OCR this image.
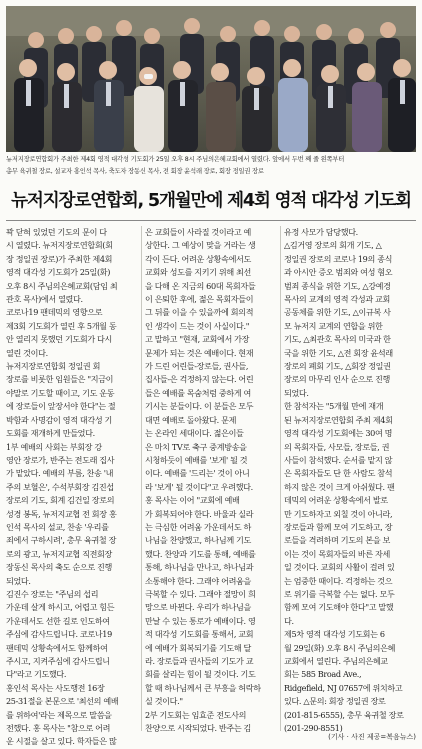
뉴저지장로연합회가 주최한 제4회 영적 대각성 기도회가 25일 오후 8시 주님의은혜교회에서 열렸다. 앞에서 두번 째 줄 왼쪽부터
총무 육귀철 장로, 설교자 홍인석 목사, 축도자 장동신 목사, 전 회장 윤석래 장로, 회장 정일권 장로
뉴저지장로연합회, 5개월만에 제4회 영적 대각성 기도회
꽉 닫혀 있었던 기도의 문이 다
시 열렸다. 뉴저지장로연합회(회
장 정일권 장로)가 주최한 제4회
영적 대각성 기도회가 25일(화)
오후 8시 주님의은혜교회(담임 최
관호 목사)에서 열렸다.
코로나19 팬데믹의 영향으로
제3회 기도회가 열린 후 5개월 동
안 열리지 못했던 기도회가 다시
열린 것이다.
뉴저지장로연합회 정일권 회
장로를 비롯한 임원들은 "지금이
야말로 기도할 때이고, 기도 운동
에 장로들이 앞장서야 한다"는 절
박함과 사명감이 영적 대각성 기
도회를 재개하게 만들었다.
1부 예배의 사회는 부회장 강
영안 장로가, 반주는 전도래 집사
가 맡았다. 예배의 부름, 찬송 '내
주의 보혈은', 수석부회장 김진섭
장로의 기도, 회계 김건일 장로의
성경 봉독, 뉴저지교협 전 회장 홍
인석 목사의 설교, 찬송 '우리를
죄에서 구하시려', 총무 육귀철 장
로의 광고, 뉴저지교협 직전회장
장동신 목사의 축도 순으로 진행
되었다.
김진수 장로는 "주님의 섭리
가운데 살게 하시고, 어렵고 힘든
가운데서도 선한 길로 인도하여
주심에 감사드립니다. 코로나19
팬데믹 상황속에서도 함께하여
주시고, 지켜주심에 감사드립니
다"라고 기도했다.
홍인석 목사는 사도행전 16장
25-31절을 본문으로 '최선의 예배
를 위하여'라는 제목으로 말씀을
전했다. 홍 목사는 "참으로 어려
운 시절을 살고 있다. 학자들은 많
은 교회들이 사라질 것이라고 예
상한다. 그 예상이 맞을 거라는 생
각이 든다. 어려운 상황속에서도
교회와 성도를 지키기 위해 최선
을 다해 온 지금의 60대 목회자들
이 은퇴한 후에, 젊은 목회자들이
그 뒤를 이을 수 있을까에 회의적
인 생각이 드는 것이 사실이다."
고 말하고 "현재, 교회에서 가장
문제가 되는 것은 예배이다. 현재
가 드린 어린들-장로들, 권사들,
집사들-은 걱정하지 않는다. 어린
들은 예배를 목숨처럼 중하게 여
기시는 분들이다. 이 분들은 모두
대면 예배로 돌아왔다. 문제
는 온라인 세대이다. 젊은이들
은 마치 TV로 축구 중계방송을
시청하듯이 예배를 '보게' 될 것
이다. 예배를 '드리는' 것이 아니
라 '보게' 될 것이다"고 우려했다.
홍 목사는 이어 "교회에 예배
가 회복되어야 한다. 바울과 실라
는 극심한 어려움 가운데서도 하
나님을 찬양했고, 하나님께 기도
했다. 찬양과 기도를 통해, 예배를
통해, 하나님을 만나고, 하나님과
소통해야 한다. 그래야 어려움을
극복할 수 있다. 그래야 절망이 희
망으로 바뀐다. 우리가 하나님을
만날 수 있는 통로가 예배이다. 영
적 대각성 기도회를 통해서, 교회
에 예배가 회복되기를 기도해 달
라. 장로들과 권사들의 기도가 교
회를 살리는 힘이 될 것이다. 기도
할 때 하나님께서 큰 부흥을 허락하
실 것이다."
2부 기도회는 임효준 전도사의
찬양으로 시작되었다. 반주는 김
유정 사모가 담당했다.
△김거영 장로의 회개 기도, △
정일권 장로의 코로나 19의 종식
과 아시안 증오 범죄와 여성 혐오
범죄 종식을 위한 기도, △강예경
목사의 교계의 영적 각성과 교회
공동체를 위한 기도, △이규복 사
모 뉴저지 교계의 연합을 위한
기도, △최관호 목사의 미국과 한
국을 위한 기도, △전 회장 윤석래
장로의 폐회 기도, △회장 정일권
장로의 마무리 인사 순으로 진행
되었다.
한 참석자는 "5개월 만에 재개
된 뉴저지장로연합회 주최 제4회
영적 대각성 기도회에는 30여 명
의 목회자들, 사모들, 장로들, 권
사들이 참석했다. 순서를 맡지 않
은 목회자들도 단 한 사람도 참석
하지 않은 것이 크게 아쉬웠다. 팬
데믹의 어려운 상황속에서 발로
만 기도하자고 외칠 것이 아니라,
장로들과 함께 모여 기도하고, 장
로들을 격려하며 기도의 본을 보
이는 것이 목회자들의 바른 자세
일 것이다. 교회의 사활이 걸려 있
는 엄중한 때이다. 걱정하는 것으
로 위기를 극복할 수는 없다. 모두
함께 모여 기도해야 한다"고 말했
다.
제5차 영적 대각성 기도회는 6
월 29일(화) 오후 8시 주님의은혜
교회에서 열린다. 주님의은혜교
회는 585 Broad Ave.,
Ridgefield, NJ 07657에 위치하고
있다. △문의: 회장 정일권 장로
(201-815-6555), 총무 육귀철 장로
(201-290-8551)
(기사 · 사진 제공=복음뉴스)
